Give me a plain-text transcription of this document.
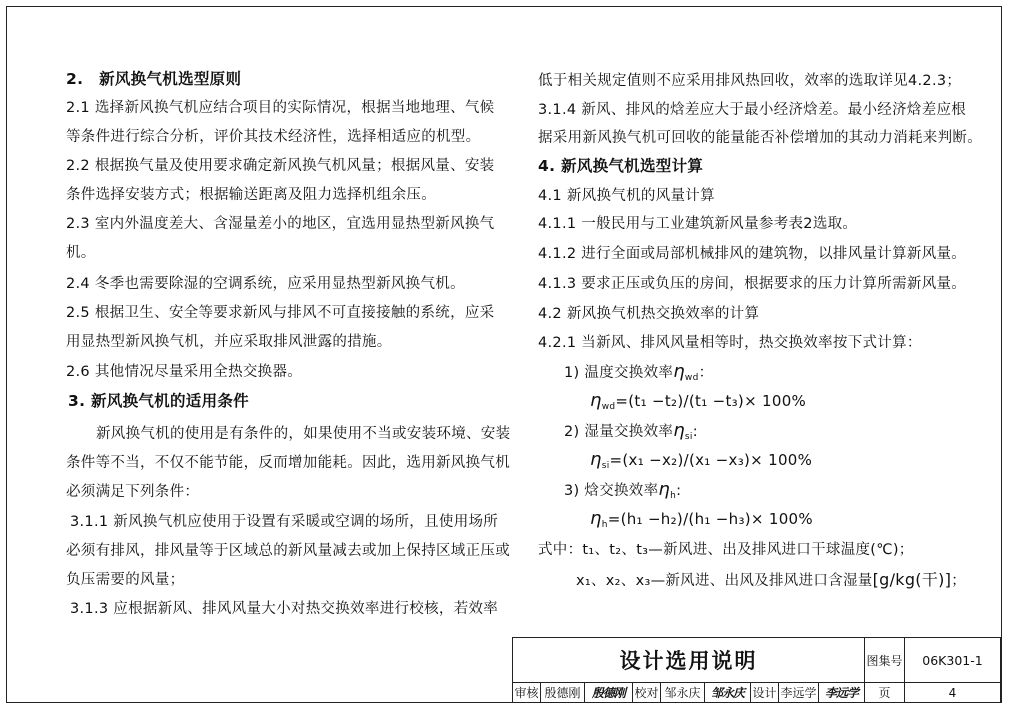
2.　新风换气机选型原则
2.1 选择新风换气机应结合项目的实际情况，根据当地地理、气候
等条件进行综合分析，评价其技术经济性，选择相适应的机型。
2.2 根据换气量及使用要求确定新风换气机风量；根据风量、安装
条件选择安装方式；根据输送距离及阻力选择机组余压。
2.3 室内外温度差大、含湿量差小的地区，宜选用显热型新风换气
机。
2.4 冬季也需要除湿的空调系统，应采用显热型新风换气机。
2.5 根据卫生、安全等要求新风与排风不可直接接触的系统，应采
用显热型新风换气机，并应采取排风泄露的措施。
2.6 其他情况尽量采用全热交换器。
3. 新风换气机的适用条件
新风换气机的使用是有条件的，如果使用不当或安装环境、安装
条件等不当，不仅不能节能，反而增加能耗。因此，选用新风换气机
必须满足下列条件：
3.1.1 新风换气机应使用于设置有采暖或空调的场所，且使用场所
必须有排风，排风量等于区域总的新风量减去或加上保持区域正压或
负压需要的风量；
3.1.3 应根据新风、排风风量大小对热交换效率进行校核，若效率
低于相关规定值则不应采用排风热回收，效率的选取详见4.2.3；
3.1.4 新风、排风的焓差应大于最小经济焓差。最小经济焓差应根
据采用新风换气机可回收的能量能否补偿增加的其动力消耗来判断。
4. 新风换气机选型计算
4.1 新风换气机的风量计算
4.1.1 一般民用与工业建筑新风量参考表2选取。
4.1.2 进行全面或局部机械排风的建筑物，以排风量计算新风量。
4.1.3 要求正压或负压的房间，根据要求的压力计算所需新风量。
4.2 新风换气机热交换效率的计算
4.2.1 当新风、排风风量相等时，热交换效率按下式计算：
1) 温度交换效率$\eta_{wd}$：
$\eta_{wd}=(t_1 -t_2)/(t_1 -t_3)\times 100\%$
2) 湿量交换效率$\eta_{si}$:
$\eta_{si}=(x_1 -x_2)/(x_1 -x_3)\times 100\%$
3) 焓交换效率$\eta_h$:
$\eta_h=(h_1 -h_2)/(h_1 -h_3)\times 100\%$
式中：t₁、t₂、t₃—新风进、出及排风进口干球温度(℃)；
x₁、x₂、x₃—新风进、出风及排风进口含湿量[g/kg(干)]；
设计选用说明	图集号	06K301-1
审核 殷德刚 殷德刚 校对 邹永庆 邹永庆 设计 李远学 李远学	页	4
